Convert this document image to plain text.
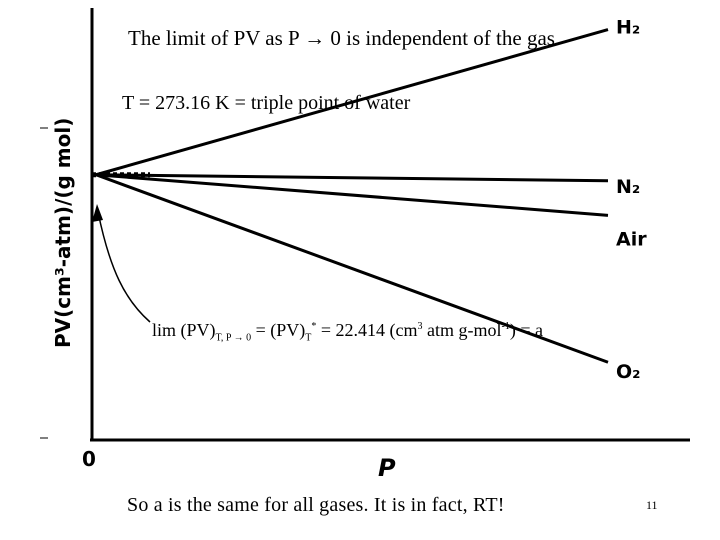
The limit of PV as P → 0 is independent of the gas.
T = 273.16 K = triple point of water
H₂
N₂
Air
O₂
0	P
PV(cm³-atm)/(g mol)	$\lim (PV)_{T, P \to 0} = (PV)_T^* = 22.414$ ($cm^3$ atm g-mol$^{-1}$) = a
So a is the same for all gases. It is in fact, RT!	11
